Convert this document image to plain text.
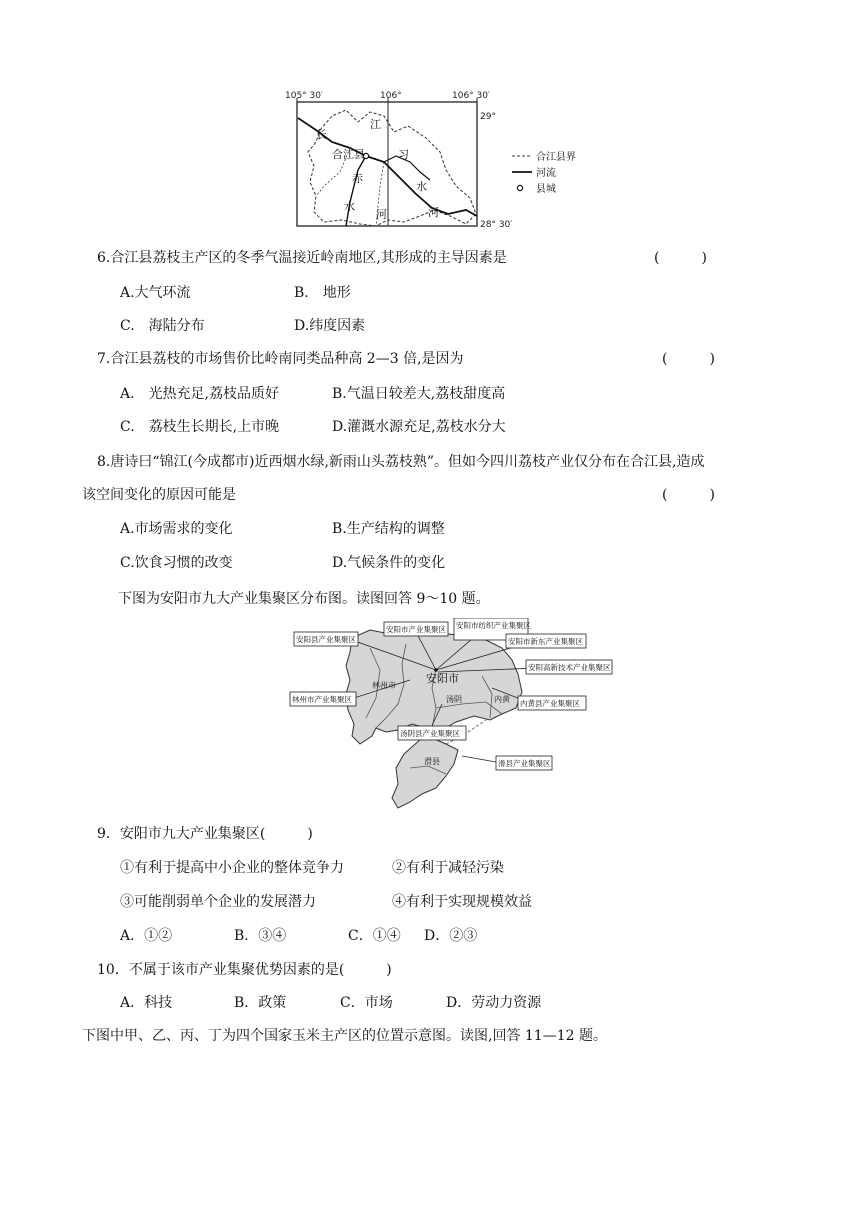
105° 30′	106°	106° 30′
29°
28° 30′
长
江
合江县	习
赤
水
水
河	河
合江县界
河流
县城
6.合江县荔枝主产区的冬季气温接近岭南地区,其形成的主导因素是	(　　　)
A.大气环流	B.　地形
C.　海陆分布	D.纬度因素
7.合江县荔枝的市场售价比岭南同类品种高 2—3 倍,是因为	(　　　)
A.　光热充足,荔枝品质好	B.气温日较差大,荔枝甜度高
C.　荔枝生长期长,上市晚	D.灌溉水源充足,荔枝水分大
8.唐诗曰“锦江(今成都市)近西烟水绿,新雨山头荔枝熟”。但如今四川荔枝产业仅分布在合江县,造成
该空间变化的原因可能是	(　　　)
A.市场需求的变化	B.生产结构的调整
C.饮食习惯的改变	D.气候条件的变化
下图为安阳市九大产业集聚区分布图。读图回答 9～10 题。
安阳县产业集聚区
安阳市产业集聚区 安阳市纺织产业集聚区
安阳市新东产业集聚区
安阳高新技术产业集聚区
林州市产业集聚区	内黄县产业集聚区
汤阴县产业集聚区
滑县产业集聚区
林州市
安阳市
汤阴	内黄
滑县
9．安阳市九大产业集聚区(　　　)
①有利于提高中小企业的整体竞争力	②有利于减轻污染
③可能削弱单个企业的发展潜力	④有利于实现规模效益
A．①②	B．③④	C．①④ D．②③
10．不属于该市产业集聚优势因素的是(　　　)
A．科技	B．政策	C．市场	D．劳动力资源
下图中甲、乙、丙、丁为四个国家玉米主产区的位置示意图。读图,回答 11—12 题。
